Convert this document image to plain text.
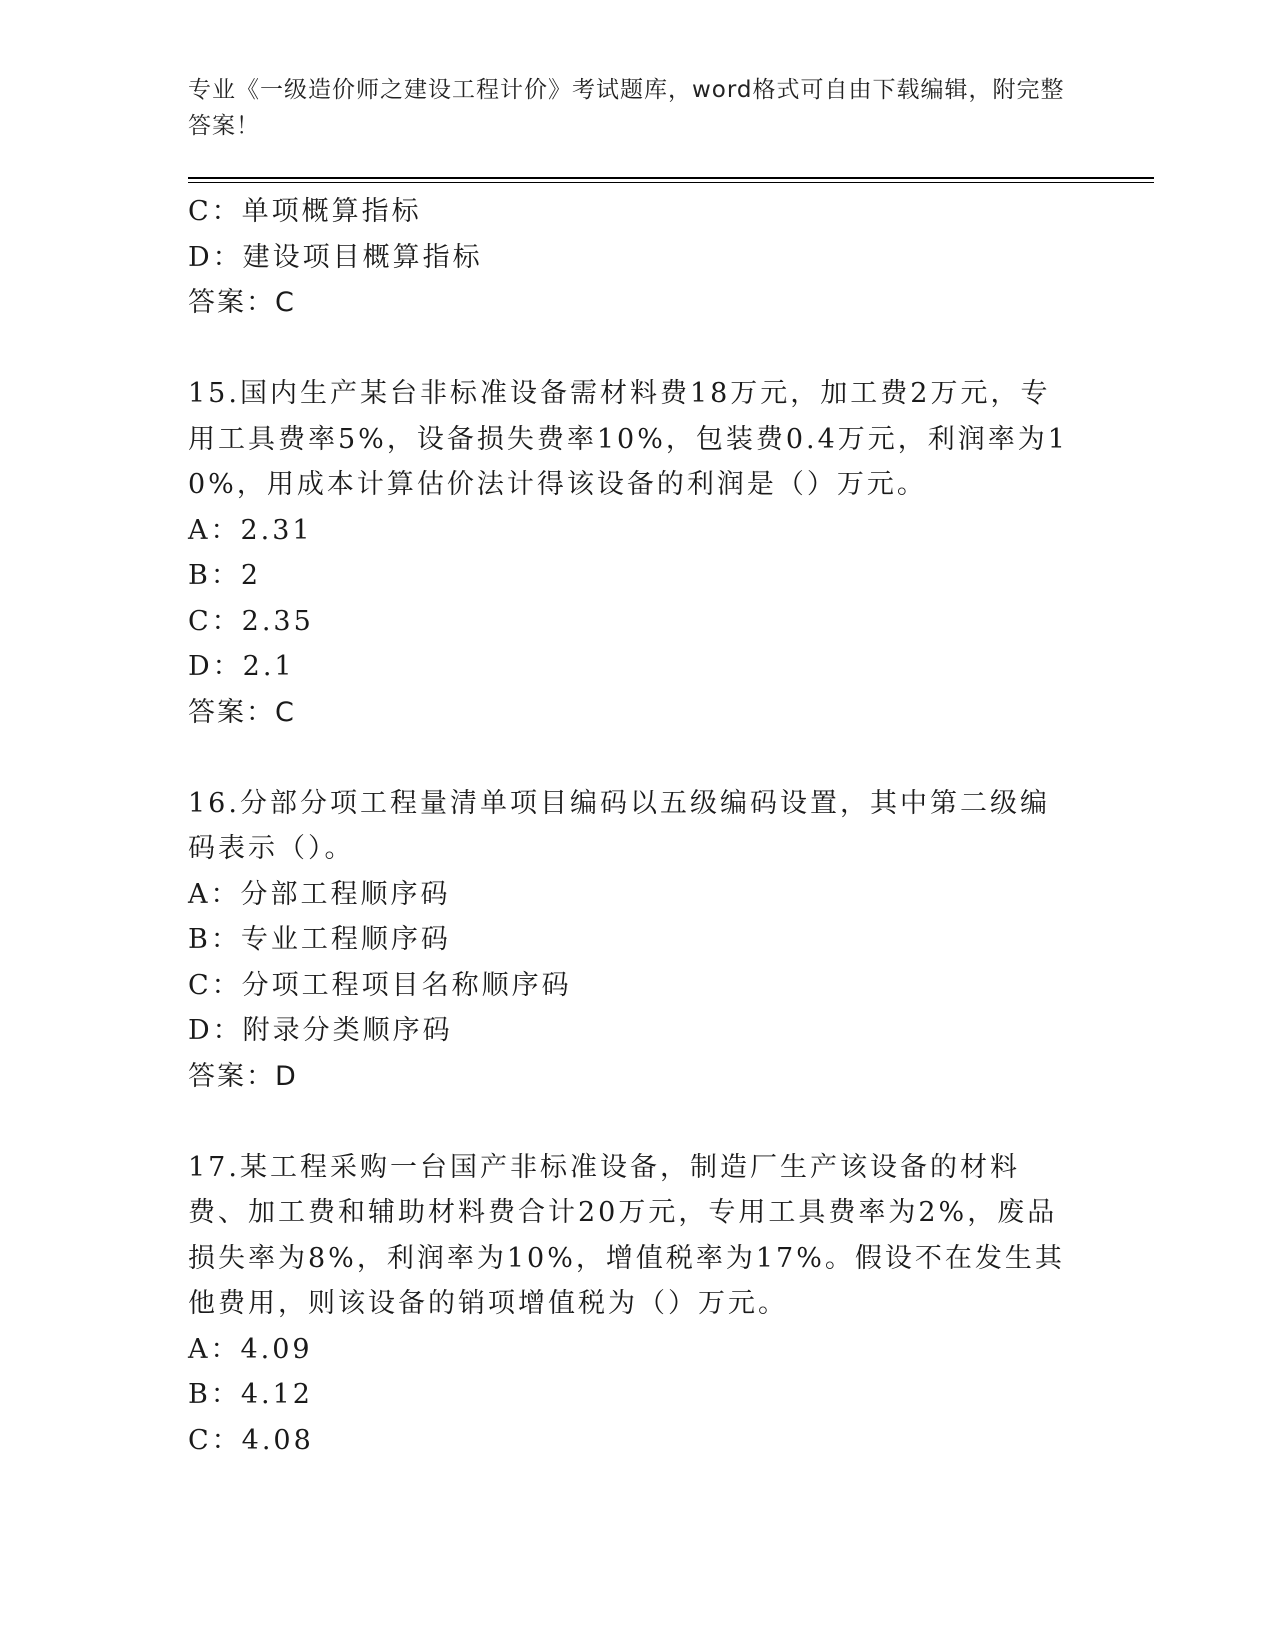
专业《一级造价师之建设工程计价》考试题库，word格式可自由下载编辑，附完整答案！
C：单项概算指标
D：建设项目概算指标
答案：C
15.国内生产某台非标准设备需材料费18万元，加工费2万元，专用工具费率5%，设备损失费率10%，包装费0.4万元，利润率为10%，用成本计算估价法计得该设备的利润是（）万元。
A：2.31
B：2
C：2.35
D：2.1
答案：C
16.分部分项工程量清单项目编码以五级编码设置，其中第二级编码表示（）。
A：分部工程顺序码
B：专业工程顺序码
C：分项工程项目名称顺序码
D：附录分类顺序码
答案：D
17.某工程采购一台国产非标准设备，制造厂生产该设备的材料费、加工费和辅助材料费合计20万元，专用工具费率为2%，废品损失率为8%，利润率为10%，增值税率为17%。假设不在发生其他费用，则该设备的销项增值税为（）万元。
A：4.09
B：4.12
C：4.08
